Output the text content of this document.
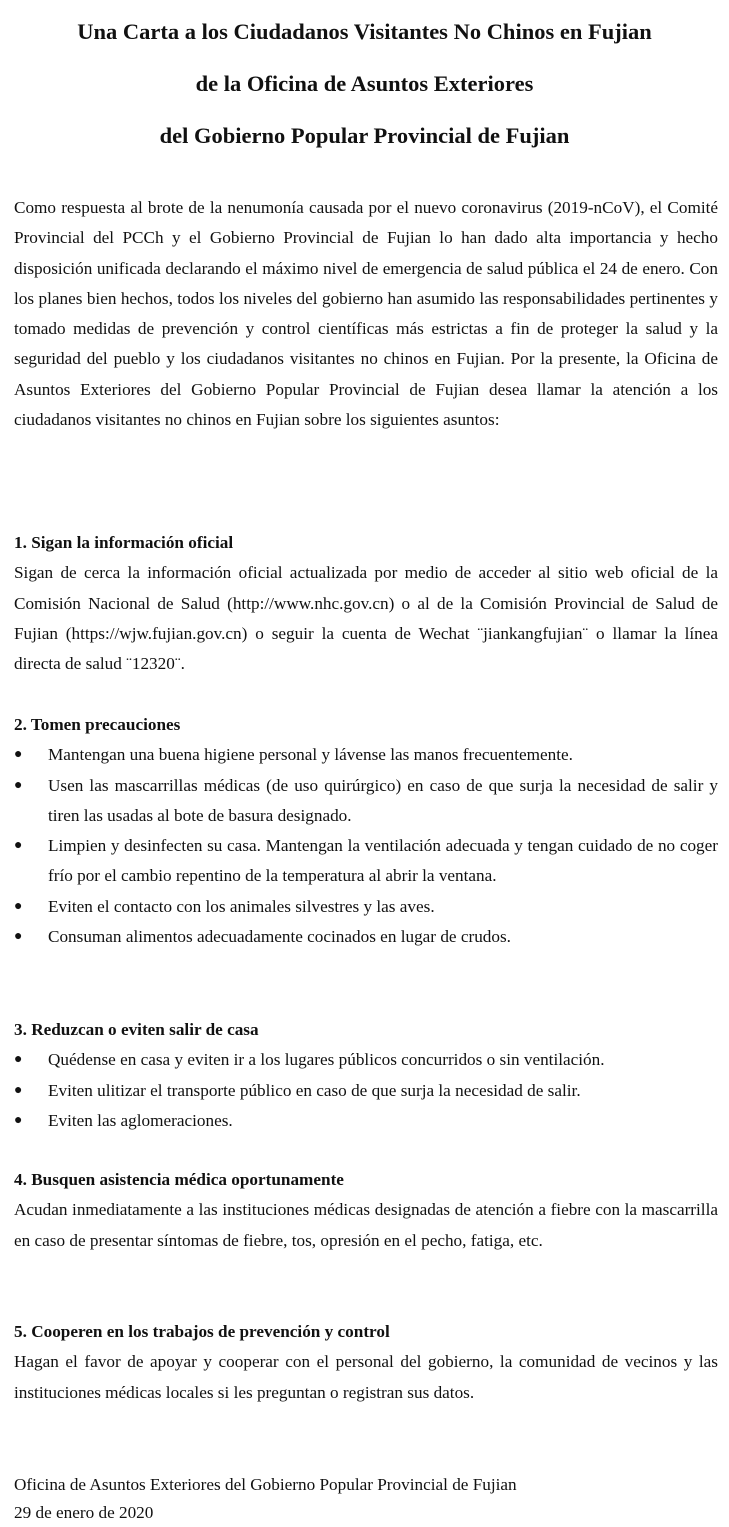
Una Carta a los Ciudadanos Visitantes No Chinos en Fujian
de la Oficina de Asuntos Exteriores
del Gobierno Popular Provincial de Fujian
Como respuesta al brote de la nenumonía causada por el nuevo coronavirus (2019-nCoV), el Comité Provincial del PCCh y el Gobierno Provincial de Fujian lo han dado alta importancia y hecho disposición unificada declarando el máximo nivel de emergencia de salud pública el 24 de enero. Con los planes bien hechos, todos los niveles del gobierno han asumido las responsabilidades pertinentes y tomado medidas de prevención y control científicas más estrictas a fin de proteger la salud y la seguridad del pueblo y los ciudadanos visitantes no chinos en Fujian. Por la presente, la Oficina de Asuntos Exteriores del Gobierno Popular Provincial de Fujian desea llamar la atención a los ciudadanos visitantes no chinos en Fujian sobre los siguientes asuntos:
1. Sigan la información oficial
Sigan de cerca la información oficial actualizada por medio de acceder al sitio web oficial de la Comisión Nacional de Salud (http://www.nhc.gov.cn) o al de la Comisión Provincial de Salud de Fujian (https://wjw.fujian.gov.cn) o seguir la cuenta de Wechat ¨jiankangfujian¨ o llamar la línea directa de salud ¨12320¨.
2. Tomen precauciones
● Mantengan una buena higiene personal y lávense las manos frecuentemente.
● Usen las mascarrillas médicas (de uso quirúrgico) en caso de que surja la necesidad de salir y tiren las usadas al bote de basura designado.
● Limpien y desinfecten su casa. Mantengan la ventilación adecuada y tengan cuidado de no coger frío por el cambio repentino de la temperatura al abrir la ventana.
● Eviten el contacto con los animales silvestres y las aves.
● Consuman alimentos adecuadamente cocinados en lugar de crudos.
3. Reduzcan o eviten salir de casa
● Quédense en casa y eviten ir a los lugares públicos concurridos o sin ventilación.
● Eviten ulitizar el transporte público en caso de que surja la necesidad de salir.
● Eviten las aglomeraciones.
4. Busquen asistencia médica oportunamente
Acudan inmediatamente a las instituciones médicas designadas de atención a fiebre con la mascarrilla en caso de presentar síntomas de fiebre, tos, opresión en el pecho, fatiga, etc.
5. Cooperen en los trabajos de prevención y control
Hagan el favor de apoyar y cooperar con el personal del gobierno, la comunidad de vecinos y las instituciones médicas locales si les preguntan o registran sus datos.
Oficina de Asuntos Exteriores del Gobierno Popular Provincial de Fujian
29 de enero de 2020
